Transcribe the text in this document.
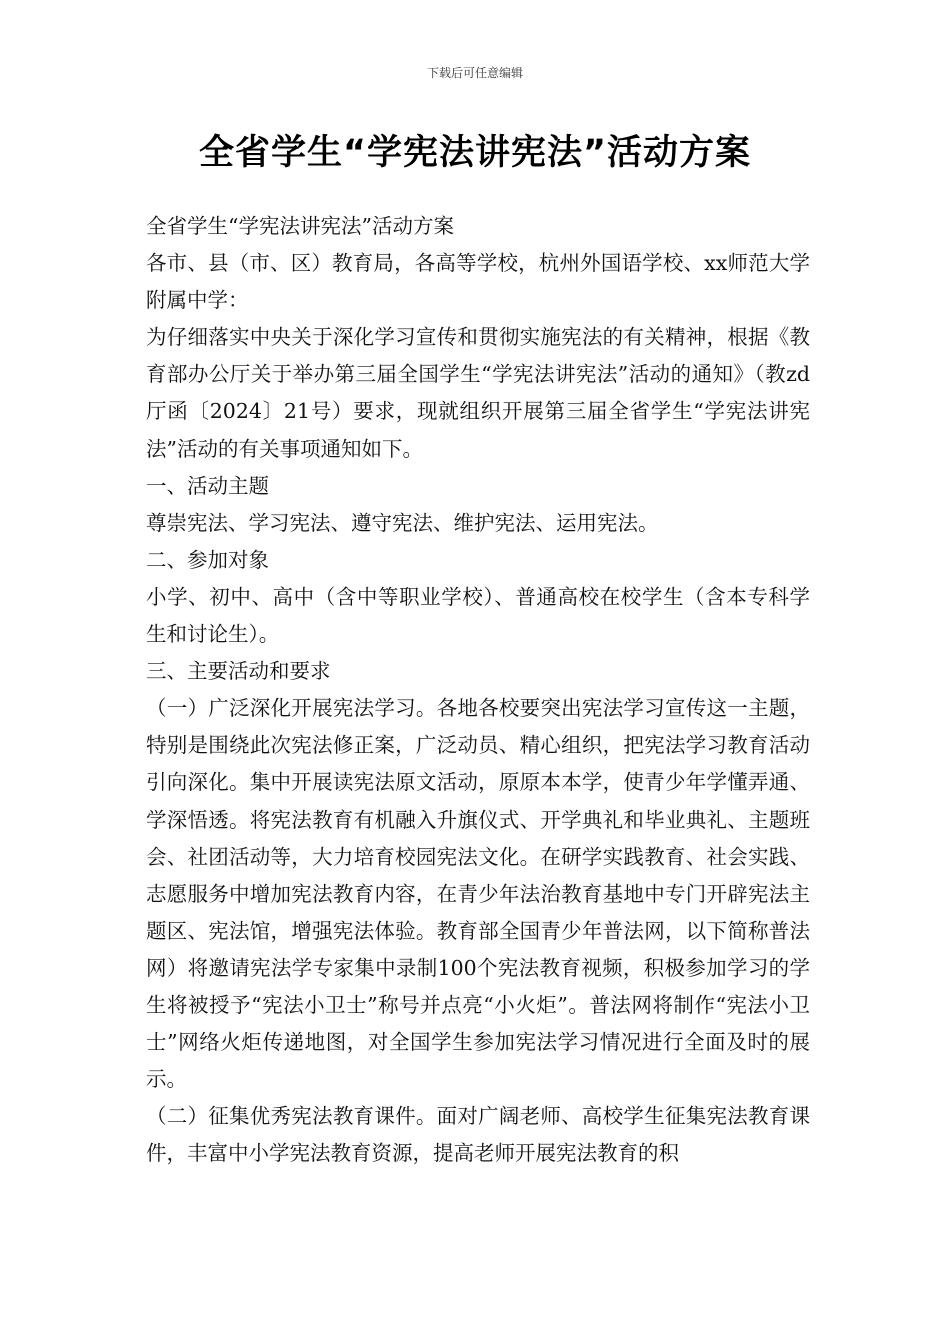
下载后可任意编辑
全省学生“学宪法讲宪法”活动方案

全省学生“学宪法讲宪法”活动方案

各市、县（市、区）教育局，各高等学校，杭州外国语学校、xx师范大学附属中学：

为仔细落实中央关于深化学习宣传和贯彻实施宪法的有关精神，根据《教育部办公厅关于举办第三届全国学生“学宪法讲宪法”活动的通知》（教zd厅函〔2024〕21号）要求，现就组织开展第三届全省学生“学宪法讲宪法”活动的有关事项通知如下。

一、活动主题

尊崇宪法、学习宪法、遵守宪法、维护宪法、运用宪法。

二、参加对象

小学、初中、高中（含中等职业学校）、普通高校在校学生（含本专科学生和讨论生）。

三、主要活动和要求

（一）广泛深化开展宪法学习。各地各校要突出宪法学习宣传这一主题，特别是围绕此次宪法修正案，广泛动员、精心组织，把宪法学习教育活动引向深化。集中开展读宪法原文活动，原原本本学，使青少年学懂弄通、学深悟透。将宪法教育有机融入升旗仪式、开学典礼和毕业典礼、主题班会、社团活动等，大力培育校园宪法文化。在研学实践教育、社会实践、志愿服务中增加宪法教育内容，在青少年法治教育基地中专门开辟宪法主题区、宪法馆，增强宪法体验。教育部全国青少年普法网，以下简称普法网）将邀请宪法学专家集中录制100个宪法教育视频，积极参加学习的学生将被授予“宪法小卫士”称号并点亮“小火炬”。普法网将制作“宪法小卫士”网络火炬传递地图，对全国学生参加宪法学习情况进行全面及时的展示。

（二）征集优秀宪法教育课件。面对广阔老师、高校学生征集宪法教育课件，丰富中小学宪法教育资源，提高老师开展宪法教育的积
